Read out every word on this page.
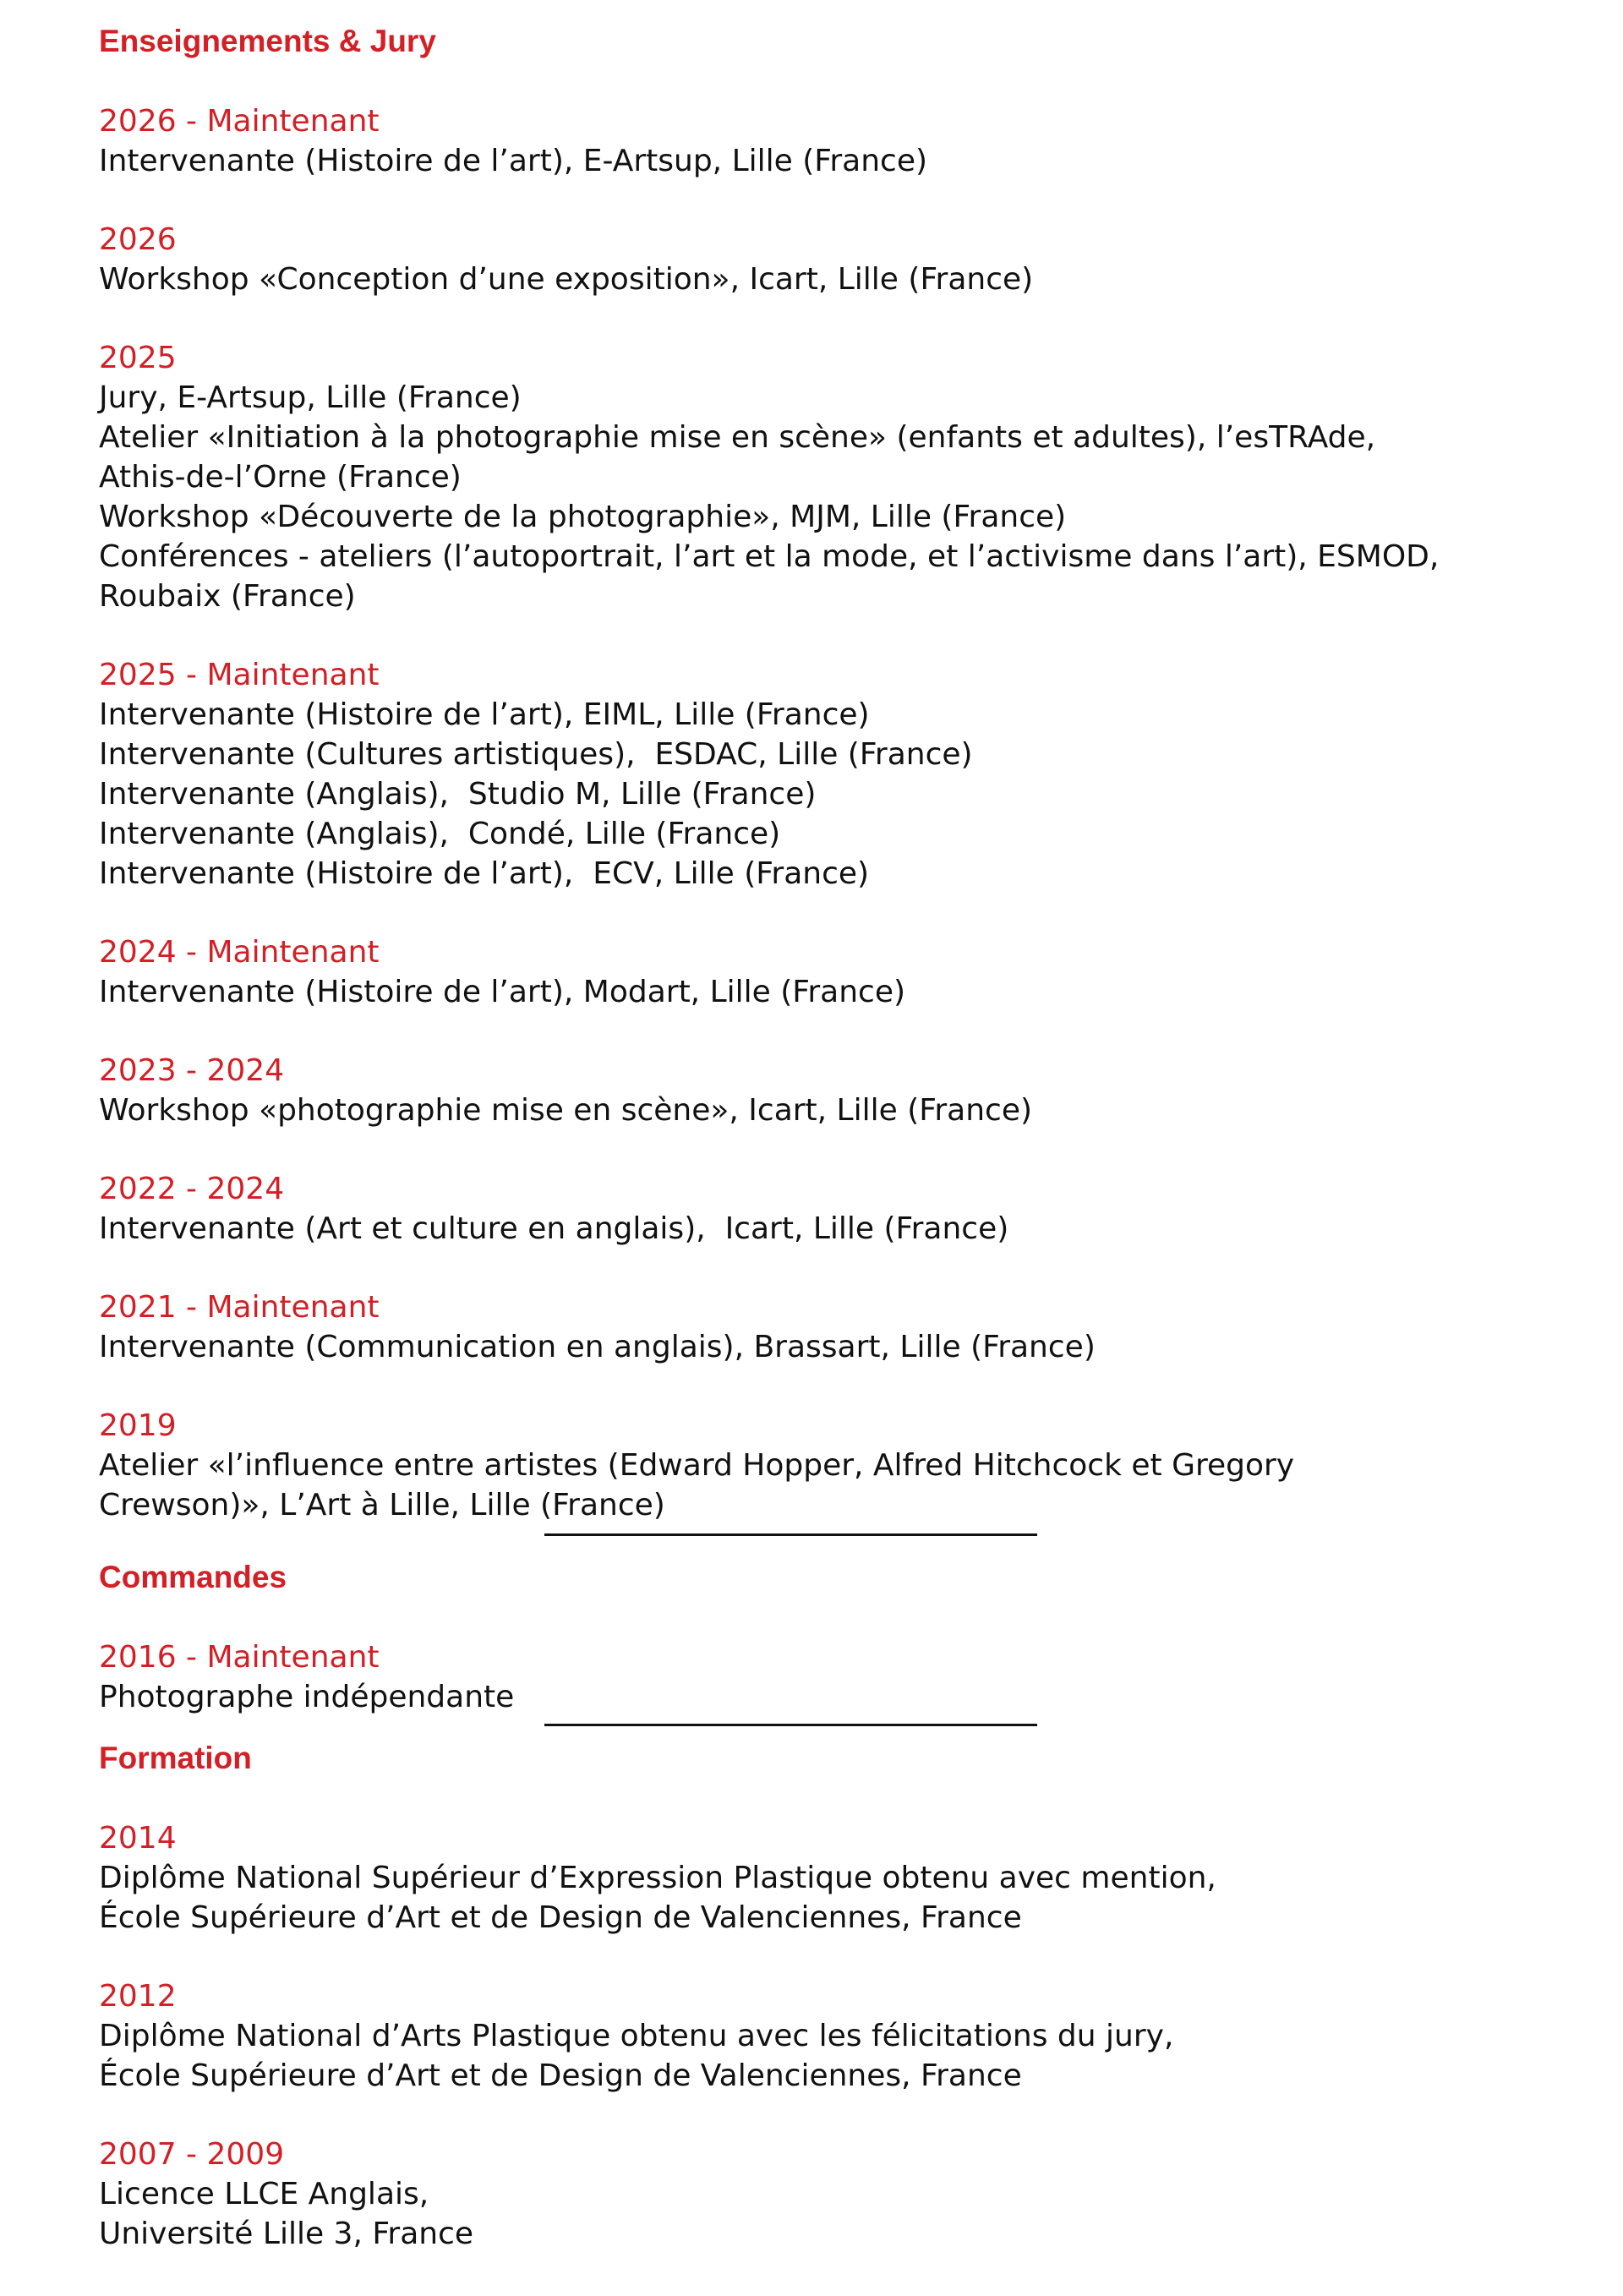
Enseignements & Jury
2026 - Maintenant
Intervenante (Histoire de l’art), E-Artsup, Lille (France)
2026
Workshop «Conception d’une exposition», Icart, Lille (France)
2025
Jury, E-Artsup, Lille (France)
Atelier «Initiation à la photographie mise en scène» (enfants et adultes), l’esTRAde,
Athis-de-l’Orne (France)
Workshop «Découverte de la photographie», MJM, Lille (France)
Conférences - ateliers (l’autoportrait, l’art et la mode, et l’activisme dans l’art), ESMOD,
Roubaix (France)
2025 - Maintenant
Intervenante (Histoire de l’art), EIML, Lille (France)
Intervenante (Cultures artistiques),  ESDAC, Lille (France)
Intervenante (Anglais),  Studio M, Lille (France)
Intervenante (Anglais),  Condé, Lille (France)
Intervenante (Histoire de l’art),  ECV, Lille (France)
2024 - Maintenant
Intervenante (Histoire de l’art), Modart, Lille (France)
2023 - 2024
Workshop «photographie mise en scène», Icart, Lille (France)
2022 - 2024
Intervenante (Art et culture en anglais),  Icart, Lille (France)
2021 - Maintenant
Intervenante (Communication en anglais), Brassart, Lille (France)
2019
Atelier «l’influence entre artistes (Edward Hopper, Alfred Hitchcock et Gregory
Crewson)», L’Art à Lille, Lille (France)
Commandes
2016 - Maintenant
Photographe indépendante
Formation
2014
Diplôme National Supérieur d’Expression Plastique obtenu avec mention,
École Supérieure d’Art et de Design de Valenciennes, France
2012
Diplôme National d’Arts Plastique obtenu avec les félicitations du jury,
École Supérieure d’Art et de Design de Valenciennes, France
2007 - 2009
Licence LLCE Anglais,
Université Lille 3, France
